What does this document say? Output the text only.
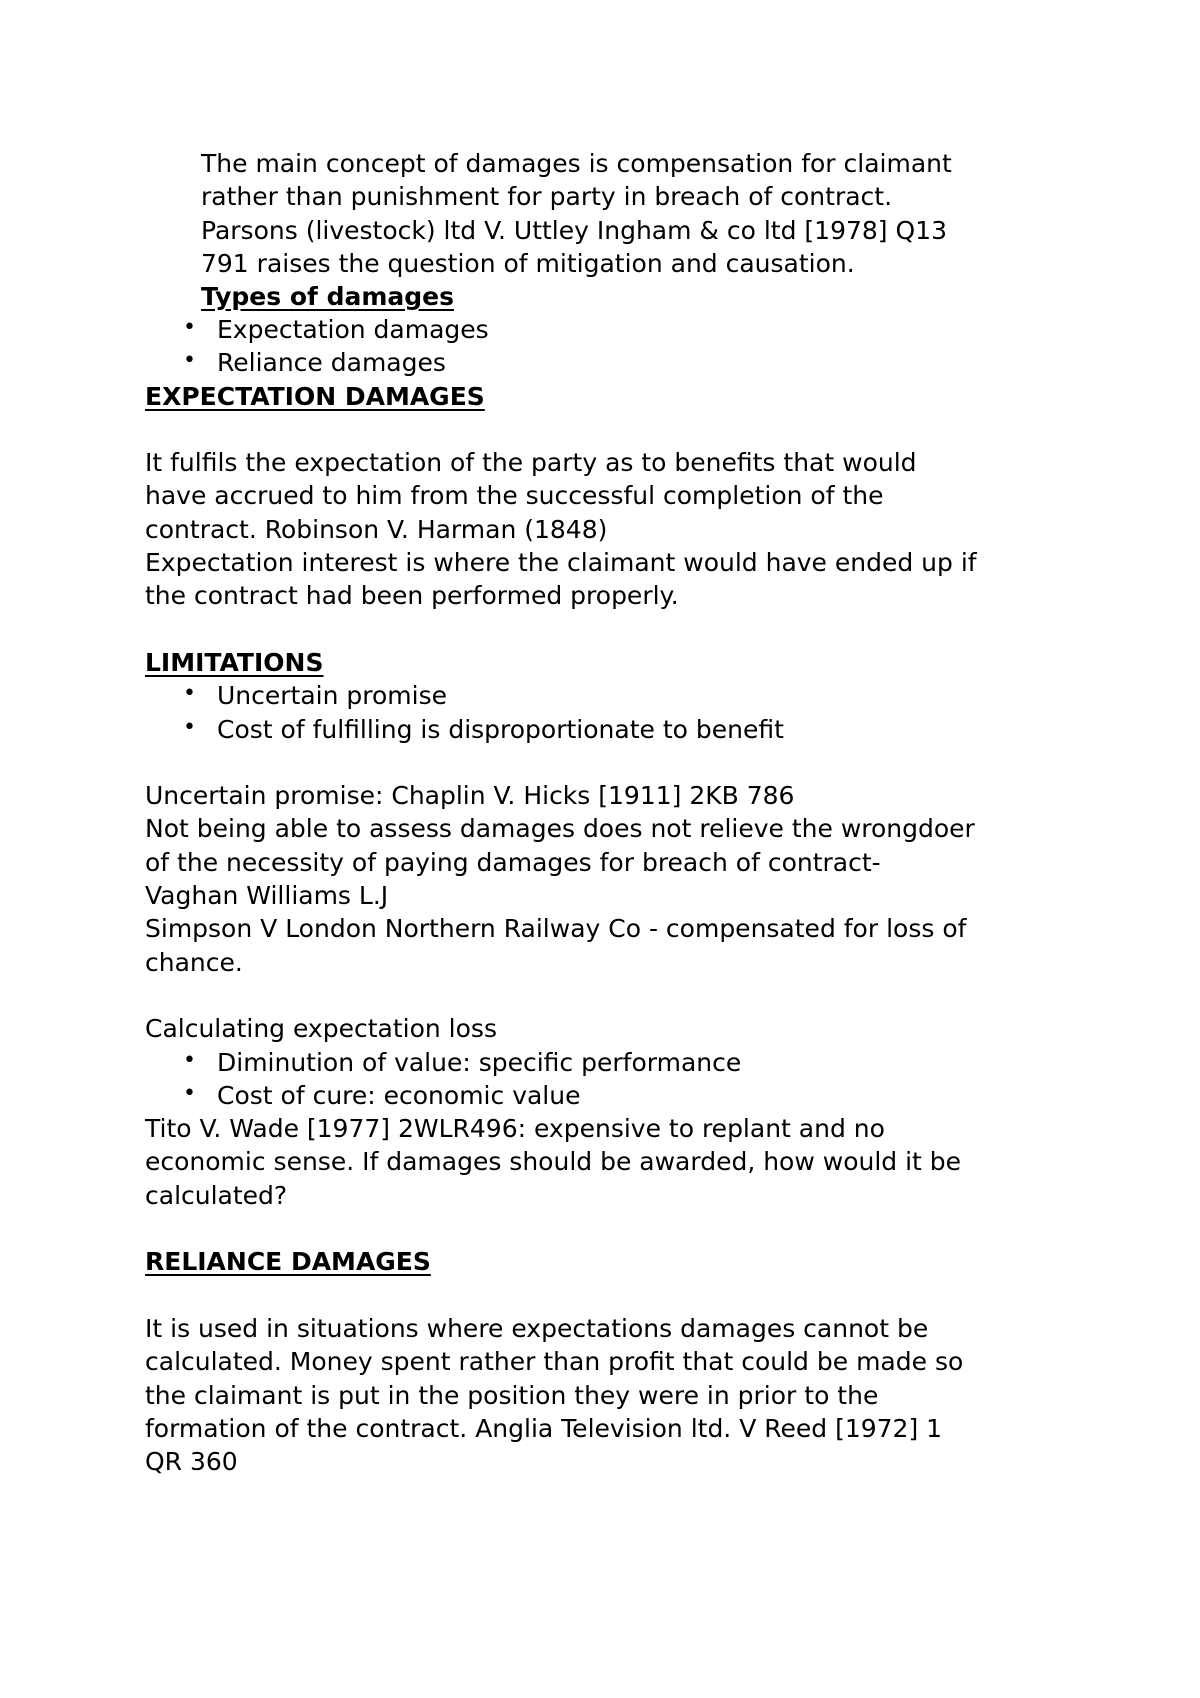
The main concept of damages is compensation for claimant
rather than punishment for party in breach of contract.
Parsons (livestock) ltd V. Uttley Ingham & co ltd [1978] Q13
791 raises the question of mitigation and causation.
Types of damages
• Expectation damages
• Reliance damages
EXPECTATION DAMAGES
It fulfils the expectation of the party as to benefits that would
have accrued to him from the successful completion of the
contract. Robinson V. Harman (1848)
Expectation interest is where the claimant would have ended up if
the contract had been performed properly.
LIMITATIONS
• Uncertain promise
• Cost of fulfilling is disproportionate to benefit
Uncertain promise: Chaplin V. Hicks [1911] 2KB 786
Not being able to assess damages does not relieve the wrongdoer
of the necessity of paying damages for breach of contract-
Vaghan Williams L.J
Simpson V London Northern Railway Co - compensated for loss of
chance.
Calculating expectation loss
• Diminution of value: specific performance
• Cost of cure: economic value
Tito V. Wade [1977] 2WLR496: expensive to replant and no
economic sense. If damages should be awarded, how would it be
calculated?
RELIANCE DAMAGES
It is used in situations where expectations damages cannot be
calculated. Money spent rather than profit that could be made so
the claimant is put in the position they were in prior to the
formation of the contract. Anglia Television ltd. V Reed [1972] 1
QR 360
